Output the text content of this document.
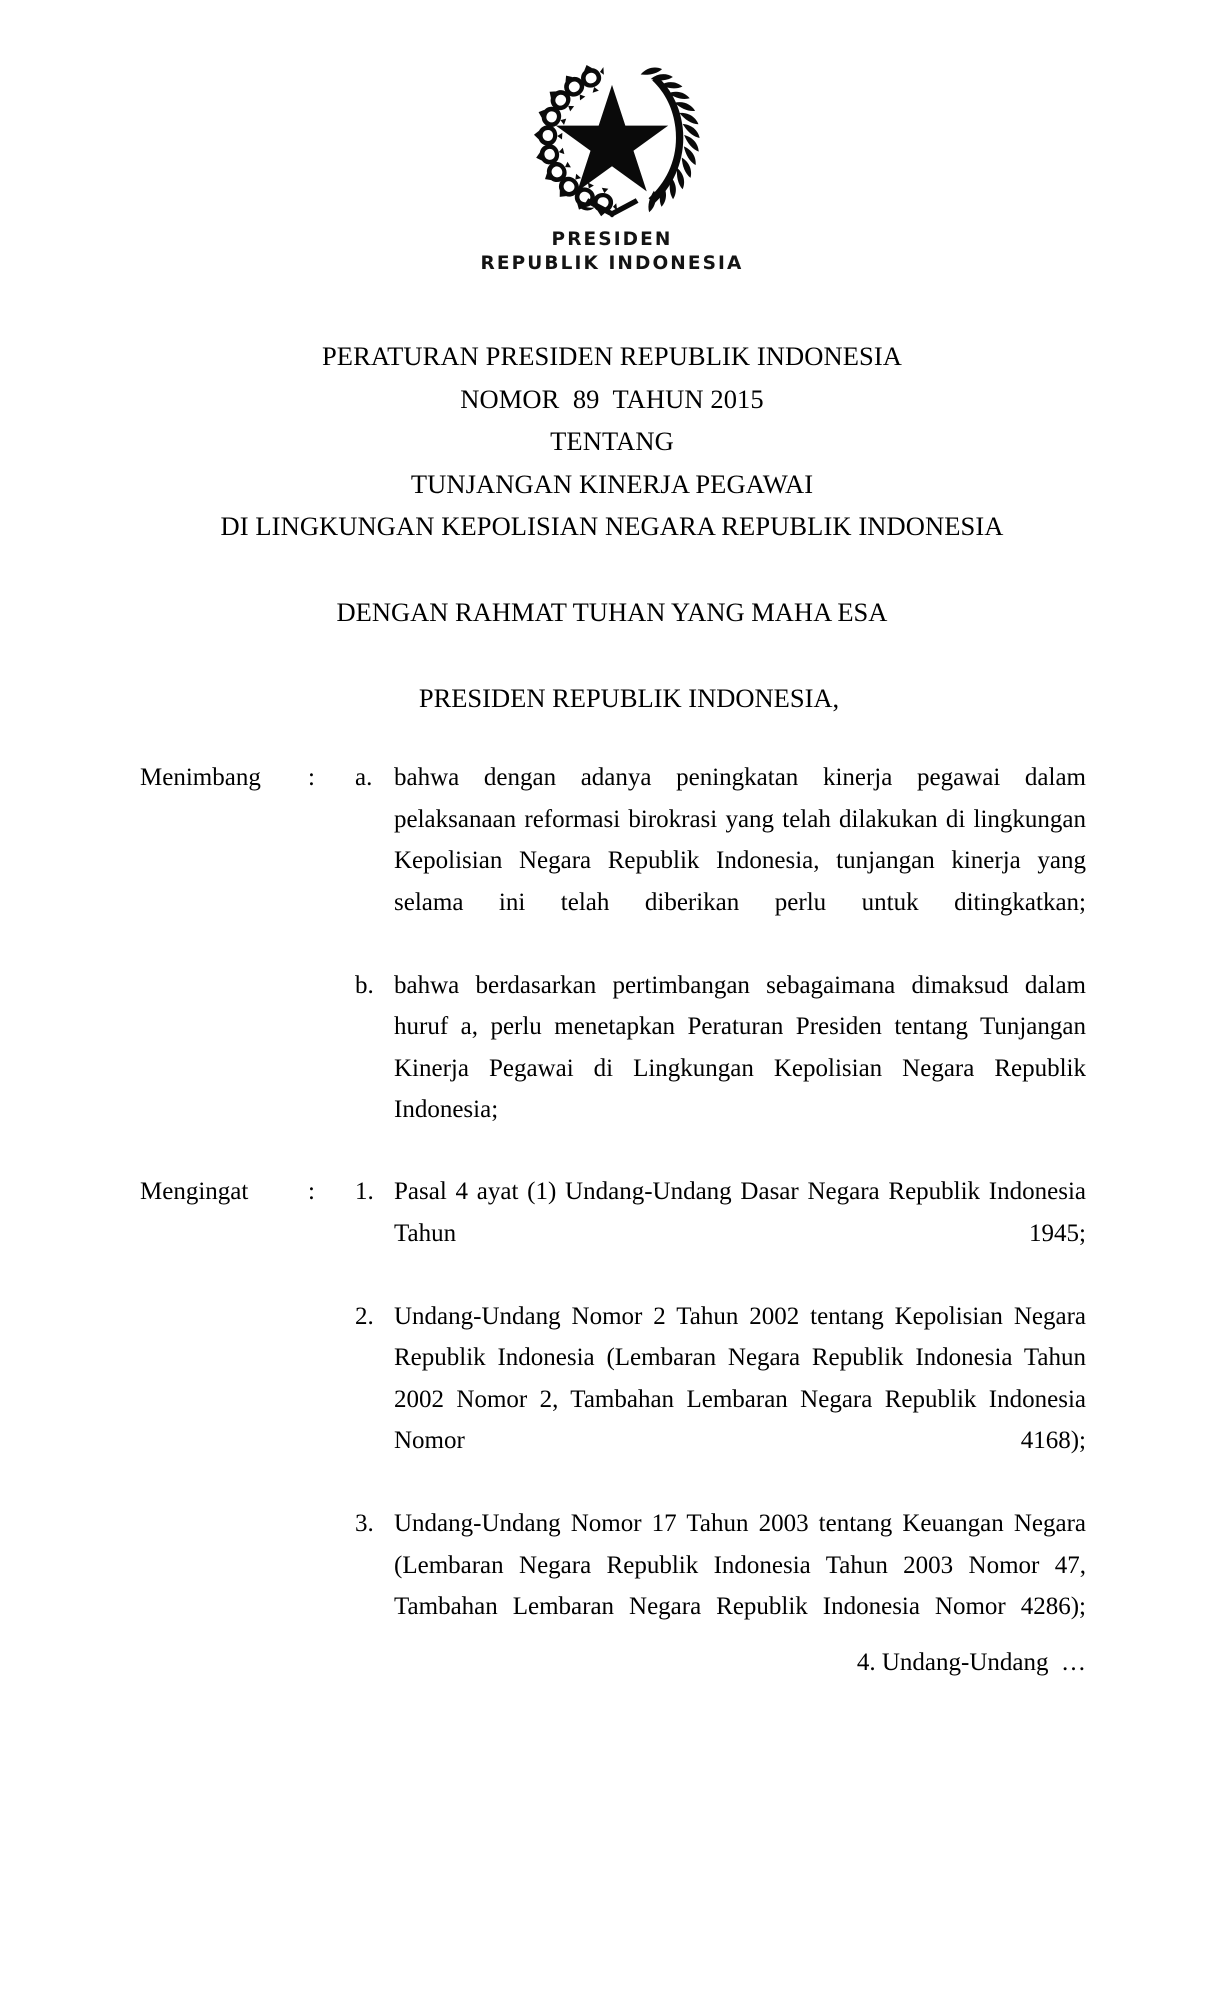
PRESIDEN
REPUBLIK INDONESIA
PERATURAN PRESIDEN REPUBLIK INDONESIA
NOMOR  89  TAHUN 2015
TENTANG
TUNJANGAN KINERJA PEGAWAI
DI LINGKUNGAN KEPOLISIAN NEGARA REPUBLIK INDONESIA
DENGAN RAHMAT TUHAN YANG MAHA ESA
PRESIDEN REPUBLIK INDONESIA,
Menimbang	: a. bahwa dengan adanya peningkatan kinerja pegawai dalam pelaksanaan reformasi birokrasi yang telah dilakukan di lingkungan Kepolisian Negara Republik Indonesia, tunjangan kinerja yang selama ini telah diberikan perlu untuk ditingkatkan;
b. bahwa berdasarkan pertimbangan sebagaimana dimaksud dalam huruf a, perlu menetapkan Peraturan Presiden tentang Tunjangan Kinerja Pegawai di Lingkungan Kepolisian Negara Republik Indonesia;
Mengingat	: 1. Pasal 4 ayat (1) Undang-Undang Dasar Negara Republik Indonesia Tahun 1945;
2. Undang-Undang Nomor 2 Tahun 2002 tentang Kepolisian Negara Republik Indonesia (Lembaran Negara Republik Indonesia Tahun 2002 Nomor 2, Tambahan Lembaran Negara Republik Indonesia Nomor 4168);
3. Undang-Undang Nomor 17 Tahun 2003 tentang Keuangan Negara (Lembaran Negara Republik Indonesia Tahun 2003 Nomor 47, Tambahan Lembaran Negara Republik Indonesia Nomor 4286);
4. Undang-Undang  …
